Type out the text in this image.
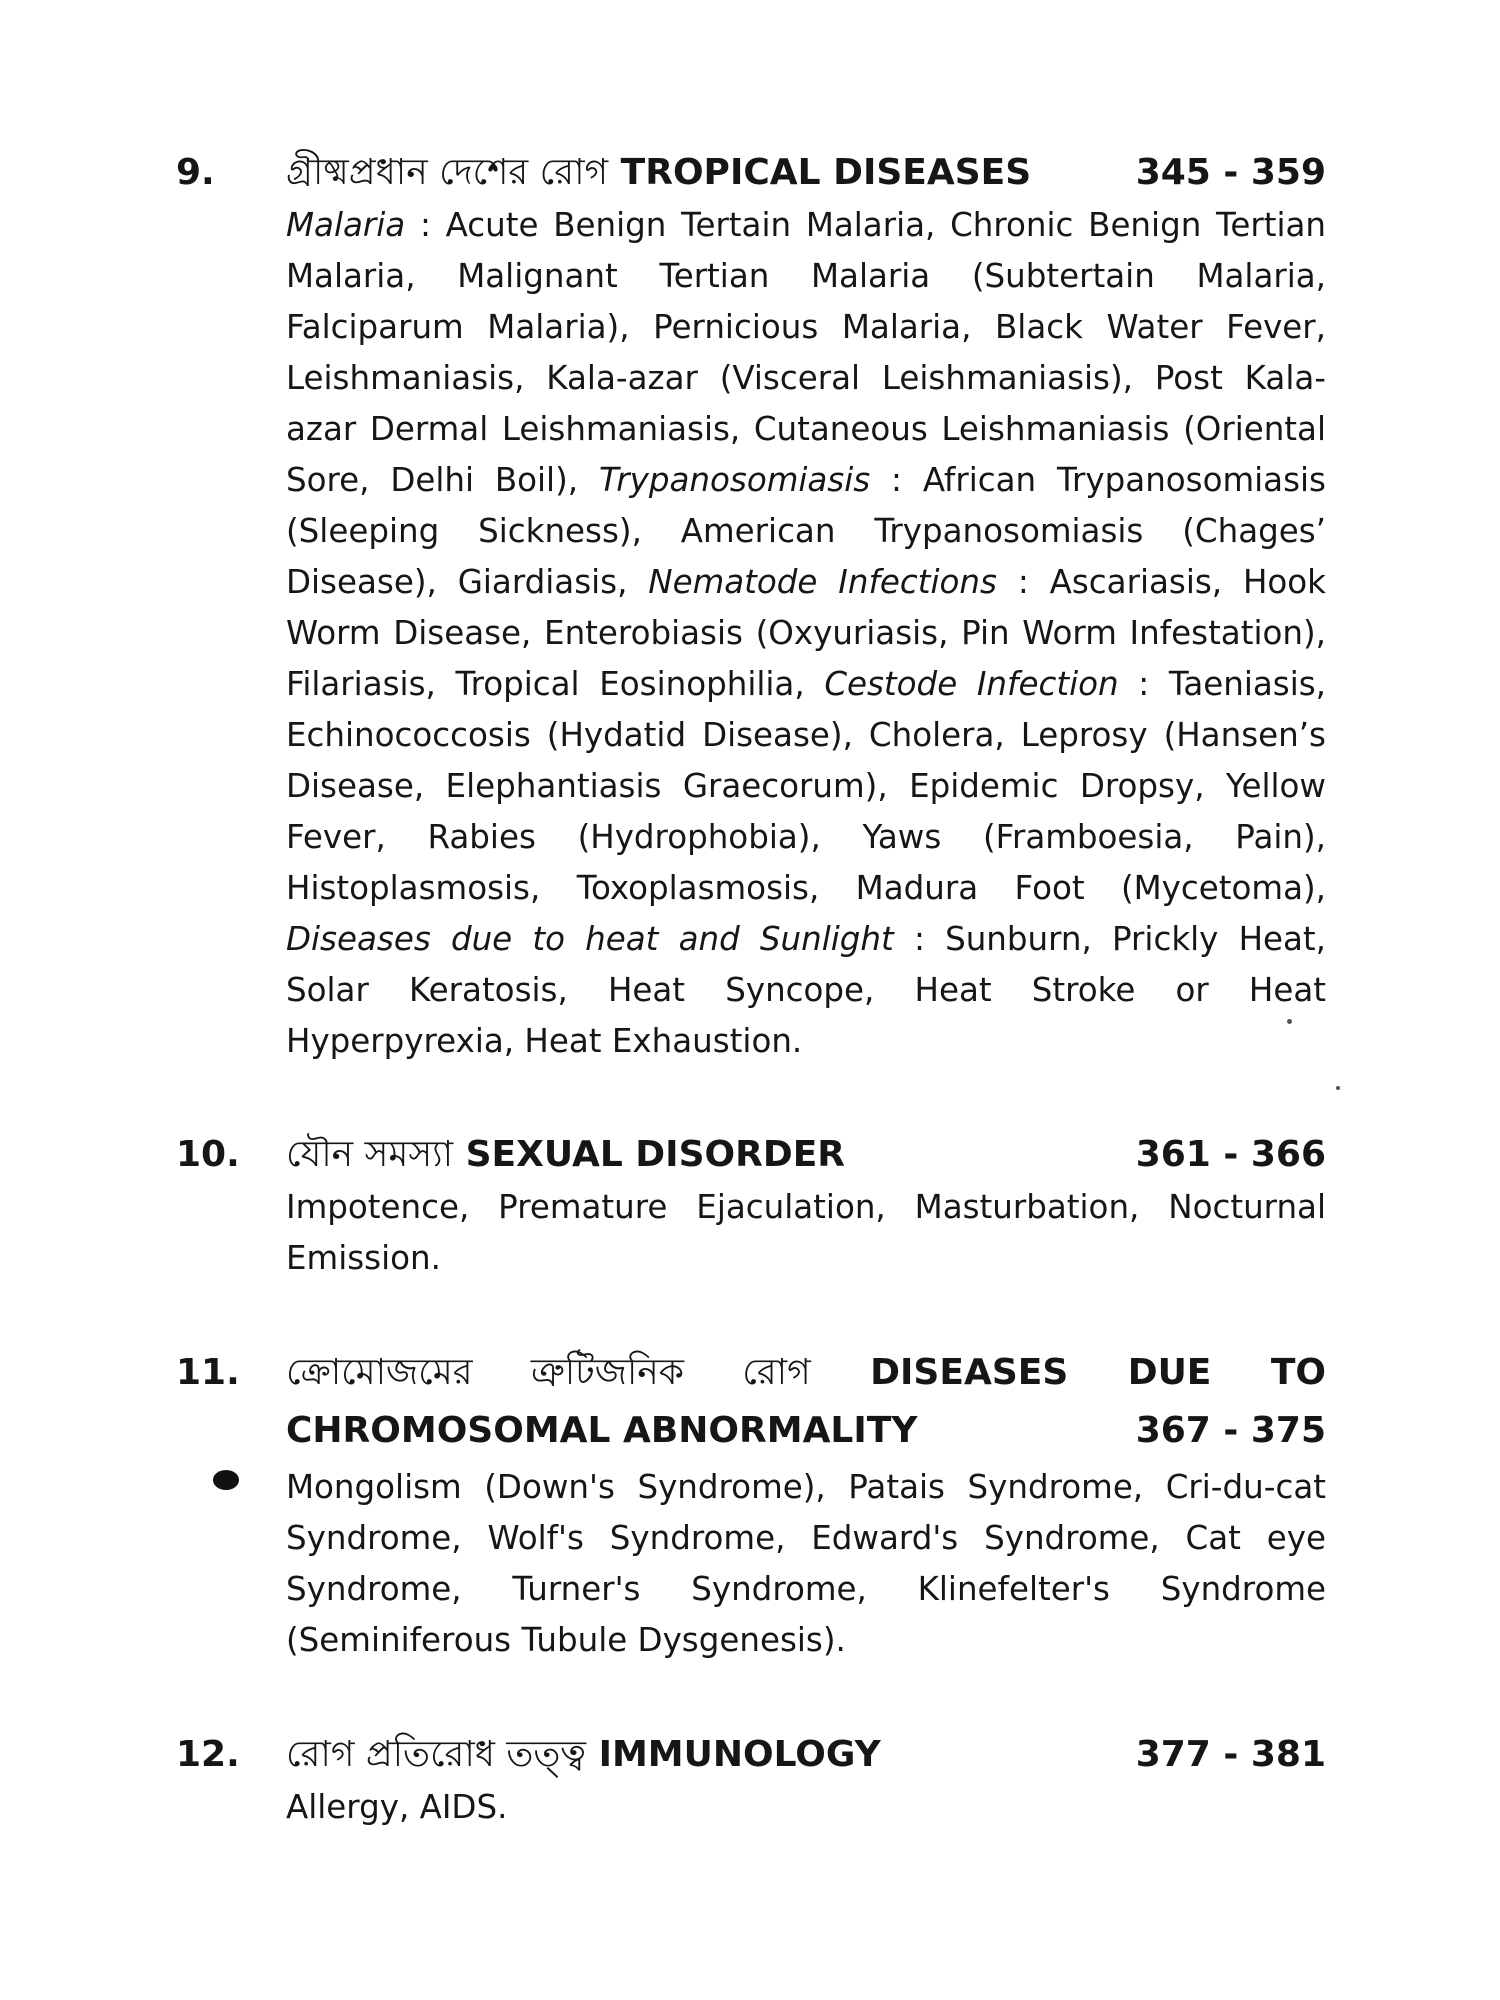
9. গ্রীষ্মপ্রধান দেশের রোগ TROPICAL DISEASES	345 - 359
Malaria : Acute Benign Tertain Malaria, Chronic Benign Tertian Malaria, Malignant Tertian Malaria (Subtertain Malaria, Falciparum Malaria), Pernicious Malaria, Black Water Fever, Leishmaniasis, Kala-azar (Visceral Leishmaniasis), Post Kala-azar Dermal Leishmaniasis, Cutaneous Leishmaniasis (Oriental Sore, Delhi Boil), Trypanosomiasis : African Trypanosomiasis (Sleeping Sickness), American Trypanosomiasis (Chages’ Disease), Giardiasis, Nematode Infections : Ascariasis, Hook Worm Disease, Enterobiasis (Oxyuriasis, Pin Worm Infestation), Filariasis, Tropical Eosinophilia, Cestode Infection : Taeniasis, Echinococcosis (Hydatid Disease), Cholera, Leprosy (Hansen’s Disease, Elephantiasis Graecorum), Epidemic Dropsy, Yellow Fever, Rabies (Hydrophobia), Yaws (Framboesia, Pain), Histoplasmosis, Toxoplasmosis, Madura Foot (Mycetoma), Diseases due to heat and Sunlight : Sunburn, Prickly Heat, Solar Keratosis, Heat Syncope, Heat Stroke or Heat Hyperpyrexia, Heat Exhaustion.
10. যৌন সমস্যা SEXUAL DISORDER	361 - 366
Impotence, Premature Ejaculation, Masturbation, Nocturnal Emission.
11. ক্রোমোজমের ত্রুটিজনিক রোগ DISEASES DUE TO
CHROMOSOMAL ABNORMALITY	367 - 375
Mongolism (Down's Syndrome), Patais Syndrome, Cri-du-cat Syndrome, Wolf's Syndrome, Edward's Syndrome, Cat eye Syndrome, Turner's Syndrome, Klinefelter's Syndrome (Seminiferous Tubule Dysgenesis).
12. রোগ প্রতিরোধ তত্ত্ব IMMUNOLOGY	377 - 381
Allergy, AIDS.
